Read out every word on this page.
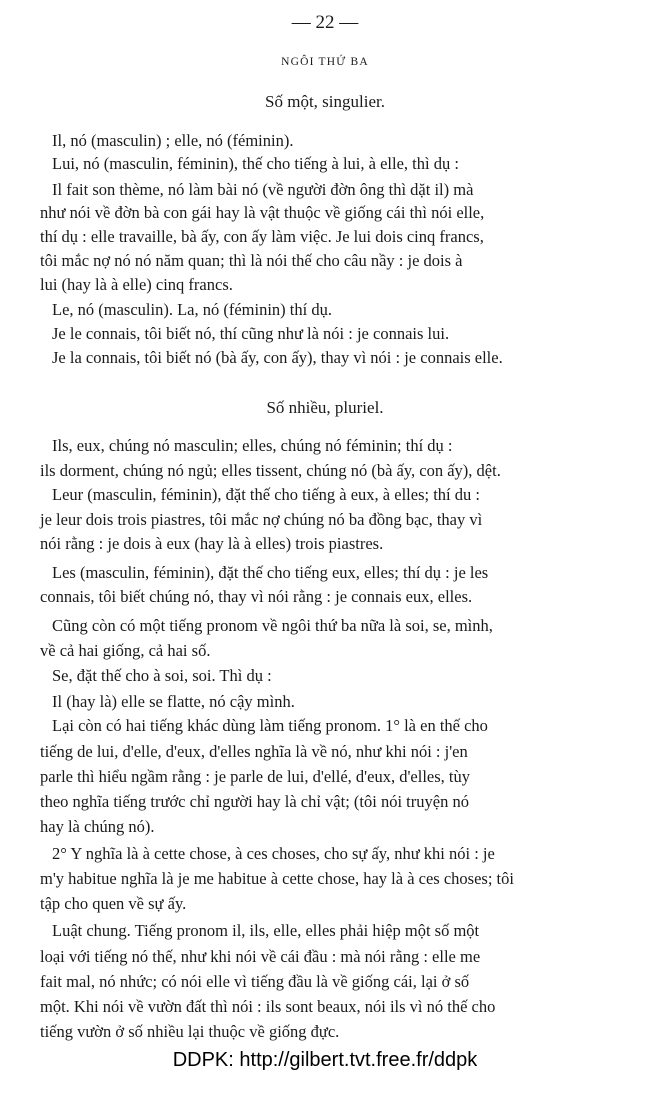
— 22 —
NGÔI THỨ BA
Số một, singulier.
Il, nó (masculin) ; elle, nó (féminin).
Lui, nó (masculin, féminin), thế cho tiếng à lui, à elle, thì dụ :
Il fait son thème, nó làm bài nó (về người đờn ông thì dặt il) mà
như nói về đờn bà con gái hay là vật thuộc về giống cái thì nói elle,
thí dụ : elle travaille, bà ấy, con ấy làm việc. Je lui dois cinq francs,
tôi mắc nợ nó nó năm quan; thì là nói thế cho câu nầy : je dois à
lui (hay là à elle) cinq francs.
Le, nó (masculin). La, nó (féminin) thí dụ.
Je le connais, tôi biết nó, thí cũng như là nói : je connais lui.
Je la connais, tôi biết nó (bà ấy, con ấy), thay vì nói : je connais elle.
Số nhiều, pluriel.
Ils, eux, chúng nó masculin; elles, chúng nó féminin; thí dụ :
ils dorment, chúng nó ngủ; elles tissent, chúng nó (bà ấy, con ấy), dệt.
Leur (masculin, féminin), đặt thế cho tiếng à eux, à elles; thí du :
je leur dois trois piastres, tôi mắc nợ chúng nó ba đồng bạc, thay vì
nói rằng : je dois à eux (hay là à elles) trois piastres.
Les (masculin, féminin), đặt thế cho tiếng eux, elles; thí dụ : je les
connais, tôi biết chúng nó, thay vì nói rằng : je connais eux, elles.
Cũng còn có một tiếng pronom về ngôi thứ ba nữa là soi, se, mình,
về cả hai giống, cả hai số.
Se, đặt thế cho à soi, soi. Thì dụ :
Il (hay là) elle se flatte, nó cậy mình.
Lại còn có hai tiếng khác dùng làm tiếng pronom. 1° là en thế cho
tiếng de lui, d'elle, d'eux, d'elles nghĩa là về nó, như khi nói : j'en
parle thì hiểu ngầm rằng : je parle de lui, d'ellé, d'eux, d'elles, tùy
theo nghĩa tiếng trước chỉ người hay là chỉ vật; (tôi nói truyện nó
hay là chúng nó).
2° Y nghĩa là à cette chose, à ces choses, cho sự ấy, như khi nói : je
m'y habitue nghĩa là je me habitue à cette chose, hay là à ces choses; tôi
tập cho quen về sự ấy.
Luật chung. Tiếng pronom il, ils, elle, elles phải hiệp một số một
loại với tiếng nó thế, như khi nói về cái đầu : mà nói rằng : elle me
fait mal, nó nhức; có nói elle vì tiếng đầu là về giống cái, lại ở số
một. Khi nói về vườn đất thì nói : ils sont beaux, nói ils vì nó thế cho
tiếng vườn ở số nhiều lại thuộc về giống đực.
DDPK: http://gilbert.tvt.free.fr/ddpk
